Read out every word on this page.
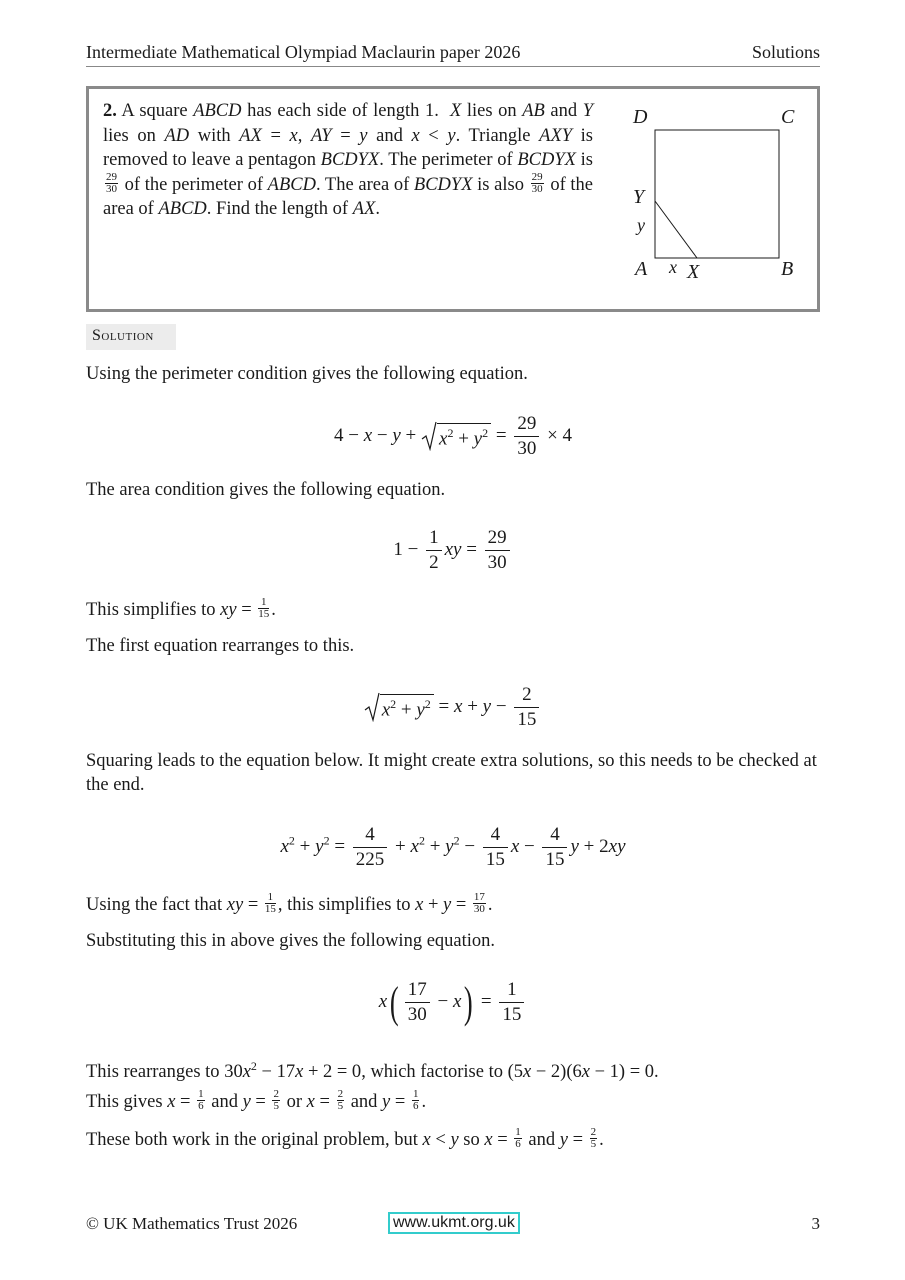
Intermediate Mathematical Olympiad Maclaurin paper 2026	Solutions
2. A square ABCD has each side of length 1.  X lies on AB and Y lies on AD with AX = x, AY = y and x < y. Triangle AXY is removed to leave a pentagon BCDYX. The perimeter of BCDYX is
$\frac{29}{30}$ of the perimeter of ABCD. The area of BCDYX is also $\frac{29}{30}$ of the area of ABCD. Find the length of AX.
D	C
Y
y
A x X	B
Solution
Using the perimeter condition gives the following equation.
4 − x − y +
$x^2 + y^2 = \frac{29}{30} \times 4$
The area condition gives the following equation.
$1 - \frac{1}{2}$ xy = $\frac{29}{30}$
This simplifies to xy = $\frac{1}{15}$ .
The first equation rearranges to this.
$x^2 + y^2 = x + y - \frac{2}{15}$
Squaring leads to the equation below. It might create extra solutions, so this needs to be checked at the end.
$x^2 + y^2 = \frac{4}{225} + x^2 + y^2 - \frac{4}{15}$ $x - \frac{4}{15}$ y + 2xy
Using the fact that xy = $\frac{1}{15}$ , this simplifies to $x + y = \frac{17}{30}$ .
Substituting this in above gives the following equation.
$x( \frac{17}{30} - x) = \frac{1}{15}$
This rearranges to $30x^2 - 17x + 2 = 0$, which factorise to (5x − 2)(6x − 1) = 0.
This gives $x = \frac{1}{6}$ and $y = \frac{2}{5}$ or $x = \frac{2}{5}$ and $y = \frac{1}{6}$ .
These both work in the original problem, but x < y so $x = \frac{1}{6}$ and $y = \frac{2}{5}$ .
© UK Mathematics Trust 2026	www.ukmt.org.uk	3
